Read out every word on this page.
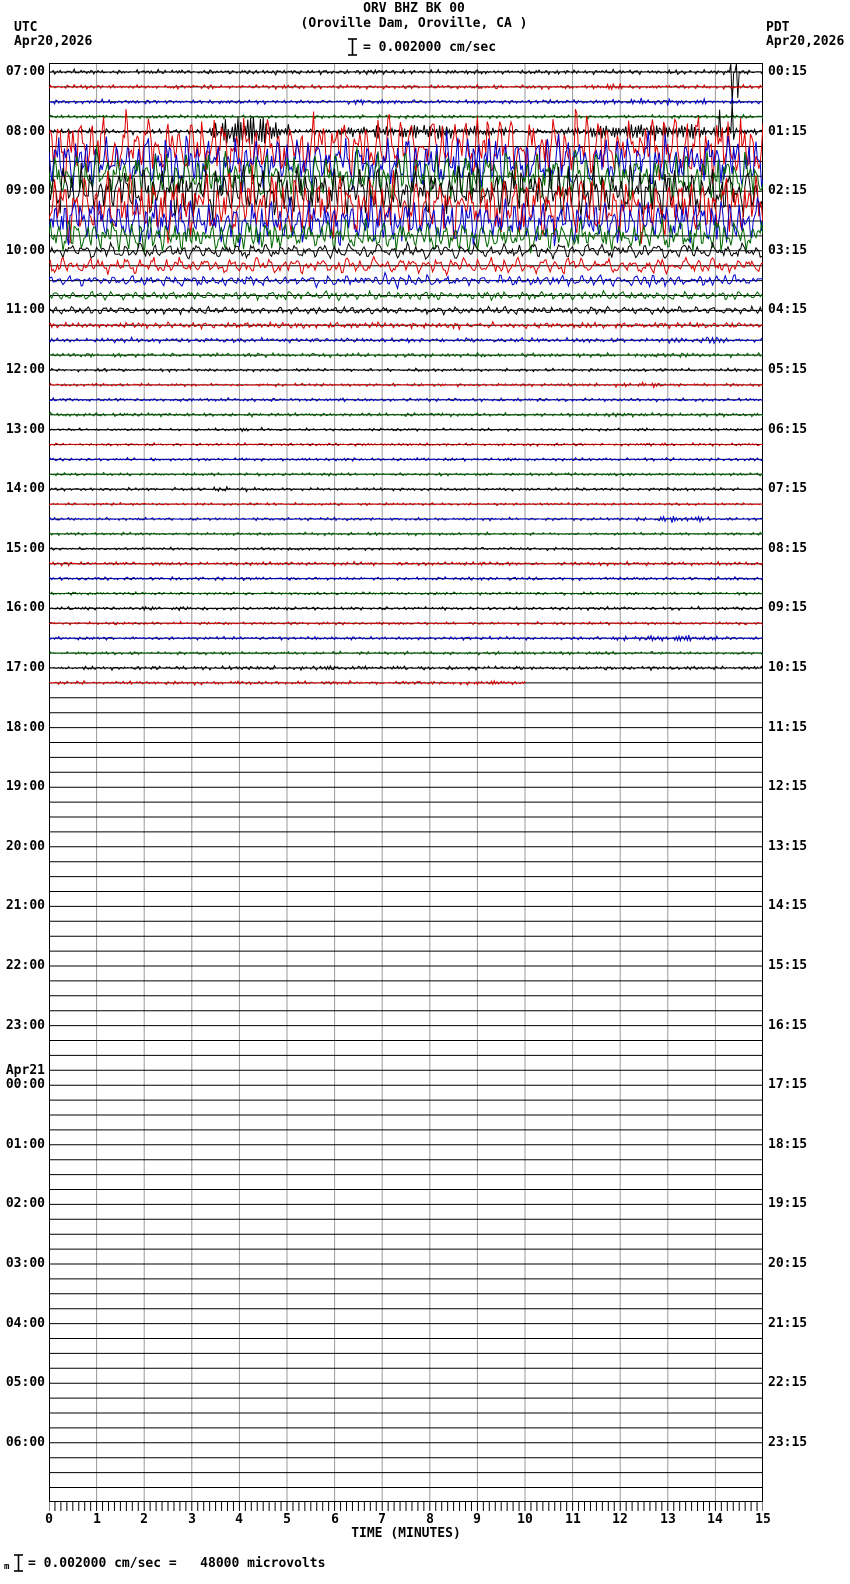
ORV BHZ BK 00
(Oroville Dam, Oroville, CA )
UTC
Apr20,2026
PDT
Apr20,2026
= 0.002000 cm/sec
07:00
08:00
09:00
10:00
11:00
12:00
13:00
14:00
15:00
16:00
17:00
18:00
19:00
20:00
21:00
22:00
23:00
00:00
Apr21
01:00
02:00
03:00
04:00
05:00
06:00
00:15
01:15
02:15
03:15
04:15
05:15
06:15
07:15
08:15
09:15
10:15
11:15
12:15
13:15
14:15
15:15
16:15
17:15
18:15
19:15
20:15
21:15
22:15
23:15
0	1	2	3	4	5	6	7	8	9	10	11	12	13	14	15
TIME (MINUTES)
m = 0.002000 cm/sec =   48000 microvolts
